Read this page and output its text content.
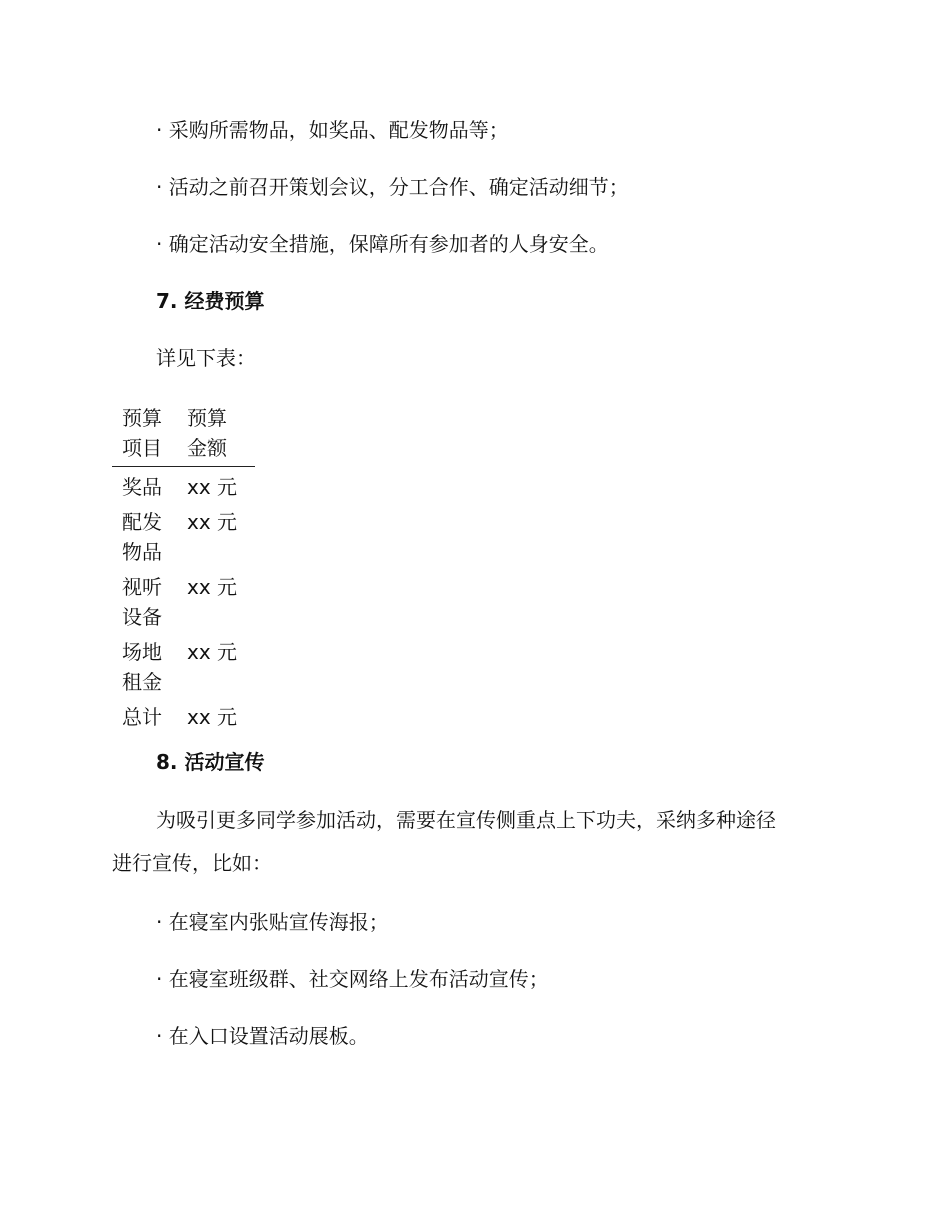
· 采购所需物品，如奖品、配发物品等；
· 活动之前召开策划会议，分工合作、确定活动细节；
· 确定活动安全措施，保障所有参加者的人身安全。
7. 经费预算
详见下表：
预算项目	预算金额

奖品	xx 元

配发物品	xx 元

视听设备	xx 元

场地租金	xx 元

总计	xx 元
8. 活动宣传
为吸引更多同学参加活动，需要在宣传侧重点上下功夫，采纳多种途径
进行宣传，比如：
· 在寝室内张贴宣传海报；
· 在寝室班级群、社交网络上发布活动宣传；
· 在入口设置活动展板。
